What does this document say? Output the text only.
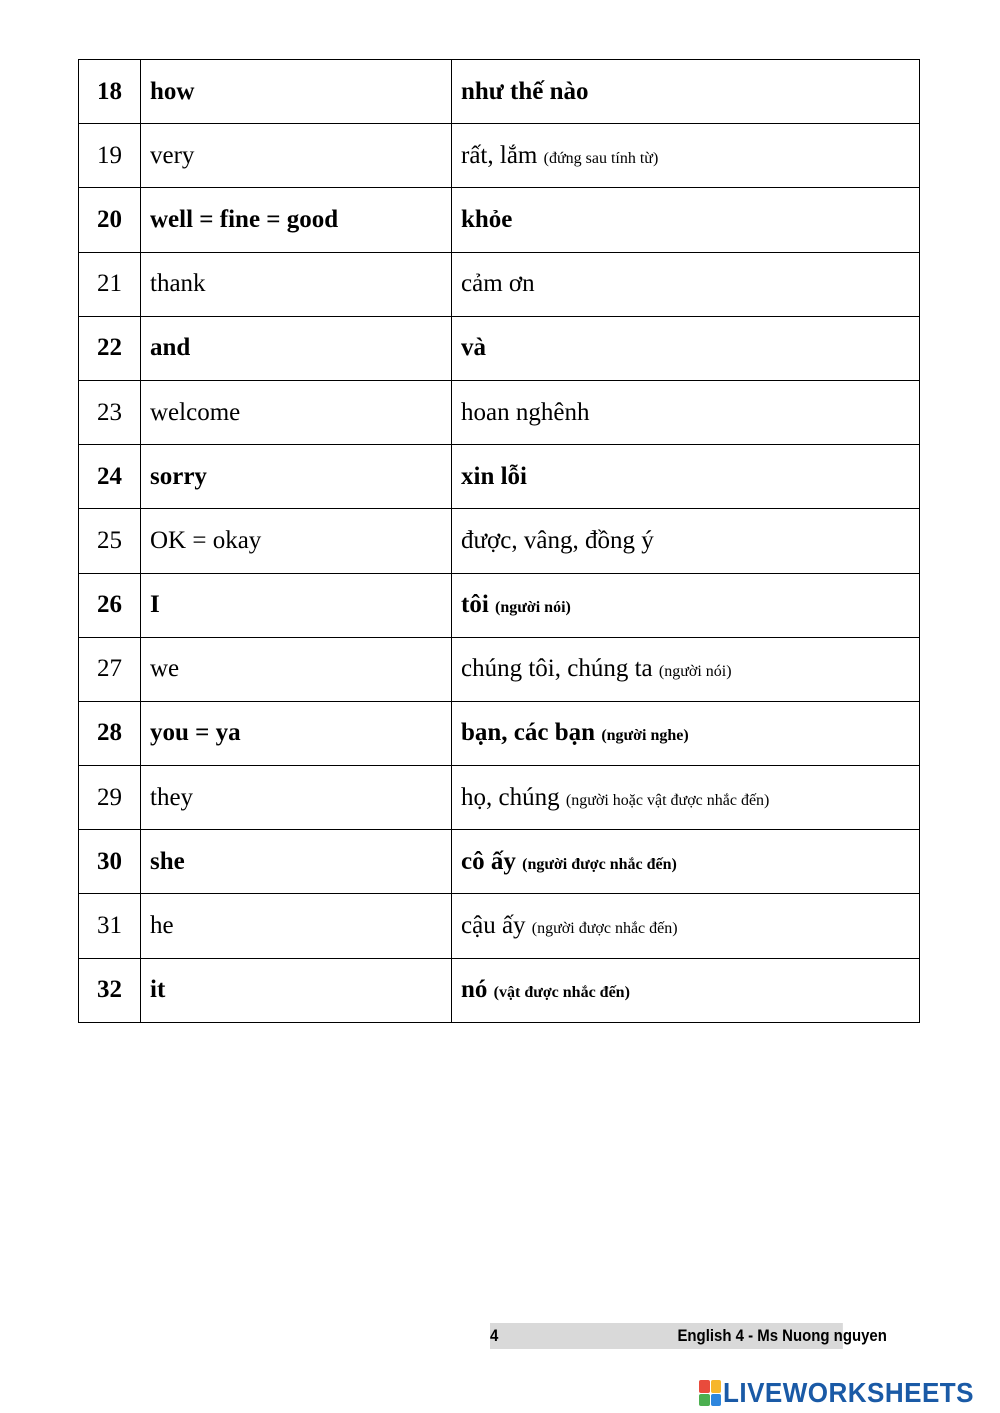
18	how	như thế nào
19	very	rất, lắm (đứng sau tính từ)
20	well = fine = good	khỏe
21	thank	cảm ơn
22	and	và
23	welcome	hoan nghênh
24	sorry	xin lỗi
25	OK = okay	được, vâng, đồng ý
26	I	tôi (người nói)
27	we	chúng tôi, chúng ta (người nói)
28	you = ya	bạn, các bạn (người nghe)
29	they	họ, chúng (người hoặc vật được nhắc đến)
30	she	cô ấy (người được nhắc đến)
31	he	cậu ấy (người được nhắc đến)
32	it	nó (vật được nhắc đến)
4	English 4 - Ms Nuong nguyen
LIVEWORKSHEETS
